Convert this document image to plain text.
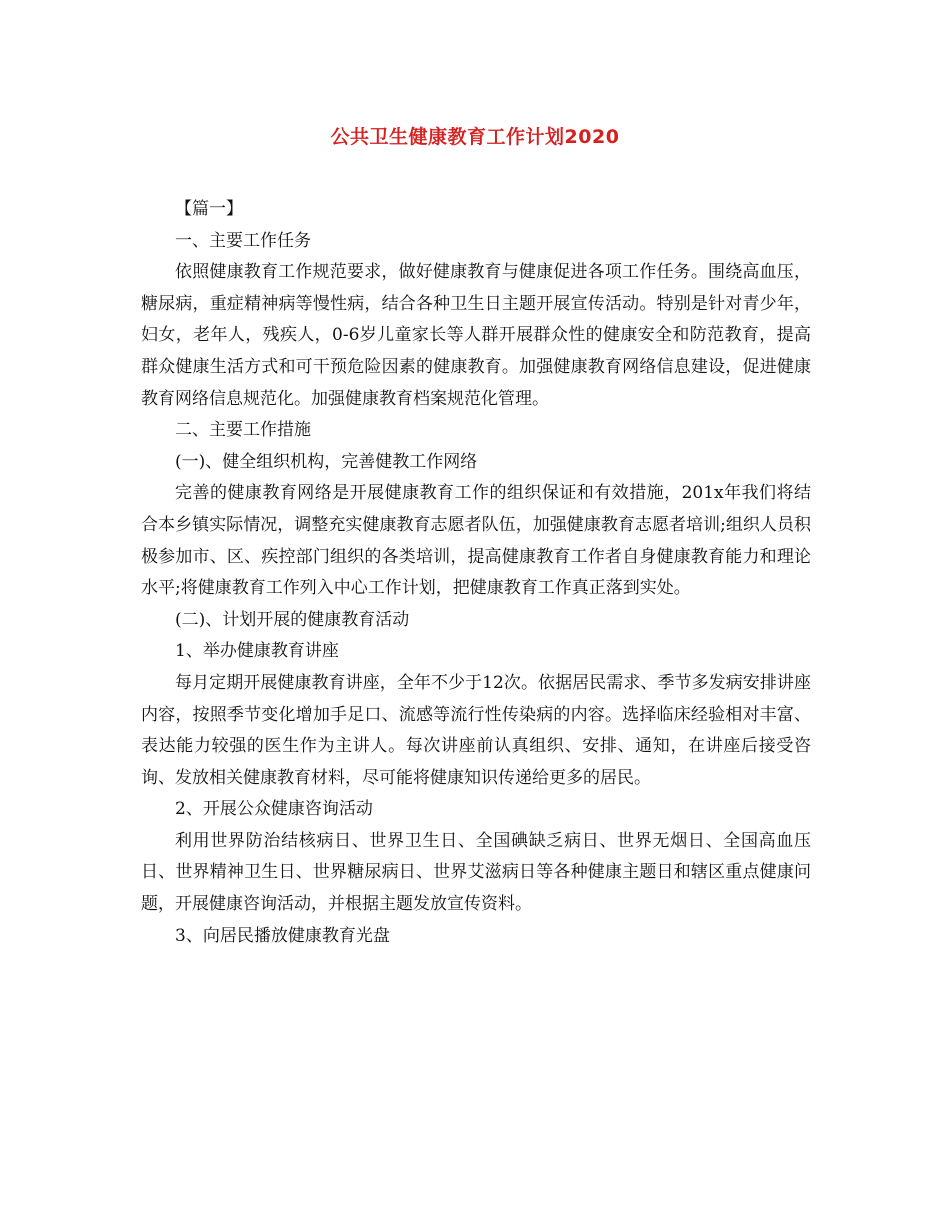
公共卫生健康教育工作计划2020

【篇一】

一、主要工作任务

依照健康教育工作规范要求，做好健康教育与健康促进各项工作任务。围绕高血压，糖尿病，重症精神病等慢性病，结合各种卫生日主题开展宣传活动。特别是针对青少年，妇女，老年人，残疾人，0-6岁儿童家长等人群开展群众性的健康安全和防范教育，提高群众健康生活方式和可干预危险因素的健康教育。加强健康教育网络信息建设，促进健康教育网络信息规范化。加强健康教育档案规范化管理。

二、主要工作措施

(一)、健全组织机构，完善健教工作网络

完善的健康教育网络是开展健康教育工作的组织保证和有效措施，201x年我们将结合本乡镇实际情况，调整充实健康教育志愿者队伍，加强健康教育志愿者培训;组织人员积极参加市、区、疾控部门组织的各类培训，提高健康教育工作者自身健康教育能力和理论水平;将健康教育工作列入中心工作计划，把健康教育工作真正落到实处。

(二)、计划开展的健康教育活动

1、举办健康教育讲座

每月定期开展健康教育讲座，全年不少于12次。依据居民需求、季节多发病安排讲座内容，按照季节变化增加手足口、流感等流行性传染病的内容。选择临床经验相对丰富、表达能力较强的医生作为主讲人。每次讲座前认真组织、安排、通知，在讲座后接受咨询、发放相关健康教育材料，尽可能将健康知识传递给更多的居民。

2、开展公众健康咨询活动

利用世界防治结核病日、世界卫生日、全国碘缺乏病日、世界无烟日、全国高血压日、世界精神卫生日、世界糖尿病日、世界艾滋病日等各种健康主题日和辖区重点健康问题，开展健康咨询活动，并根据主题发放宣传资料。

3、向居民播放健康教育光盘
